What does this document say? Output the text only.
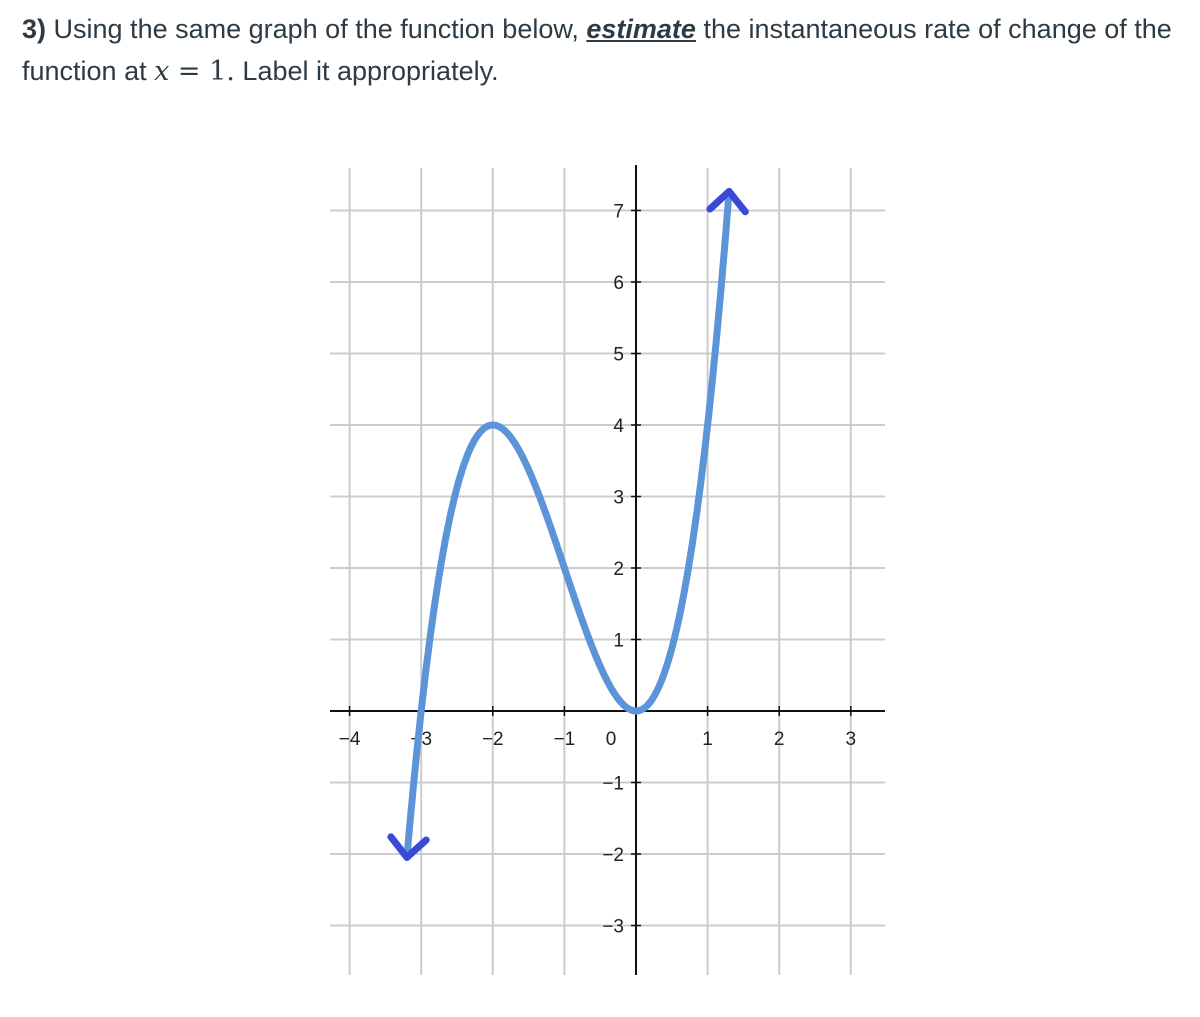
3) Using the same graph of the function below, estimate the instantaneous rate of change of the function at x = 1. Label it appropriately.

−4	−3	−2	−1 0	1	2	3
7
6
5
4
3
2
1
−1
−2
−3
